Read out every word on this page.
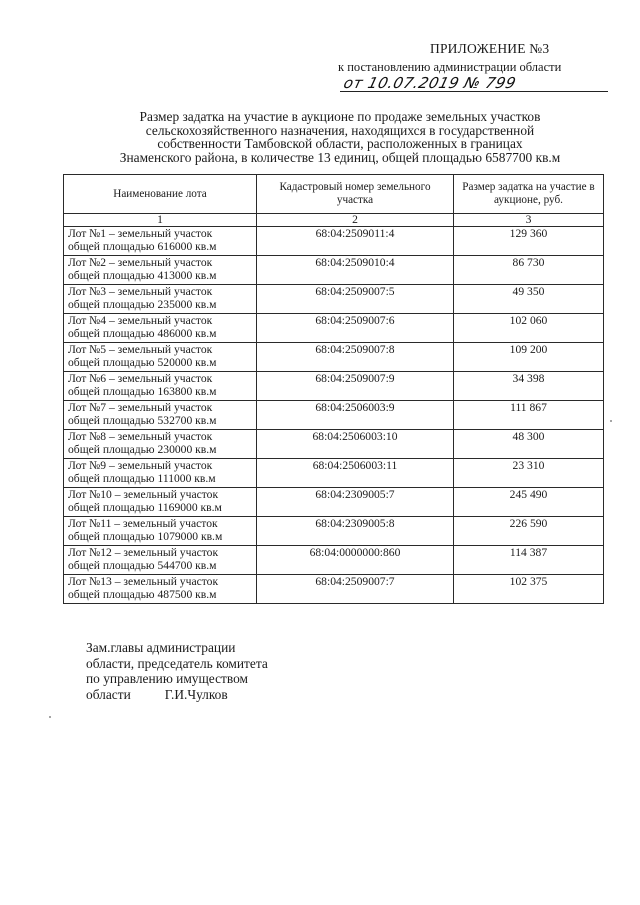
ПРИЛОЖЕНИЕ №3
к постановлению администрации области
от 10.07.2019 № 799
Размер задатка на участие в аукционе по продаже земельных участков
сельскохозяйственного назначения, находящихся в государственной
собственности Тамбовской области, расположенных в границах
Знаменского района, в количестве 13 единиц, общей площадью 6587700 кв.м
Наименование лота	Кадастровый номер земельного участка	Размер задатка на участие в аукционе, руб.
1	2	3

Лот №1 – земельный участок
общей площадью 616000 кв.м	68:04:2509011:4	129 360

Лот №2 – земельный участок
общей площадью 413000 кв.м	68:04:2509010:4	86 730

Лот №3 – земельный участок
общей площадью 235000 кв.м	68:04:2509007:5	49 350

Лот №4 – земельный участок
общей площадью 486000 кв.м	68:04:2509007:6	102 060

Лот №5 – земельный участок
общей площадью 520000 кв.м	68:04:2509007:8	109 200

Лот №6 – земельный участок
общей площадью 163800 кв.м	68:04:2509007:9	34 398

Лот №7 – земельный участок
общей площадью 532700 кв.м	68:04:2506003:9	111 867

Лот №8 – земельный участок
общей площадью 230000 кв.м	68:04:2506003:10	48 300

Лот №9 – земельный участок
общей площадью 111000 кв.м	68:04:2506003:11	23 310

Лот №10 – земельный участок
общей площадью 1169000 кв.м	68:04:2309005:7	245 490

Лот №11 – земельный участок
общей площадью 1079000 кв.м	68:04:2309005:8	226 590

Лот №12 – земельный участок
общей площадью 544700 кв.м	68:04:0000000:860	114 387

Лот №13 – земельный участок
общей площадью 487500 кв.м	68:04:2509007:7	102 375
Зам.главы администрации
области, председатель комитета
по управлению имуществом
области	Г.И.Чулков
